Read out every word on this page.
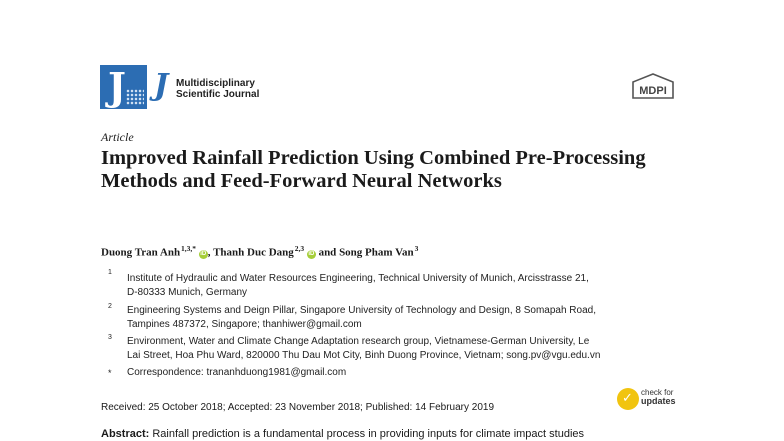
J J Multidisciplinary
Scientific Journal	MDPI
Article
Improved Rainfall Prediction Using Combined Pre-Processing Methods and Feed-Forward Neural Networks
Duong Tran Anh $^{1,3,*}$ iD , Thanh Duc Dang $^{2,3}$ iD and Song Pham Van $^3$
1
Institute of Hydraulic and Water Resources Engineering, Technical University of Munich, Arcisstrasse 21,
D-80333 Munich, Germany
2 Engineering Systems and Deign Pillar, Singapore University of Technology and Design, 8 Somapah Road,
Tampines 487372, Singapore; thanhiwer@gmail.com
3 Environment, Water and Climate Change Adaptation research group, Vietnamese-German University, Le
Lai Street, Hoa Phu Ward, 820000 Thu Dau Mot City, Binh Duong Province, Vietnam; song.pv@vgu.edu.vn
* Correspondence: trananhduong1981@gmail.com
Received: 25 October 2018; Accepted: 23 November 2018; Published: 14 February 2019
✓ check for
updates
Abstract: Rainfall prediction is a fundamental process in providing inputs for climate impact studies
